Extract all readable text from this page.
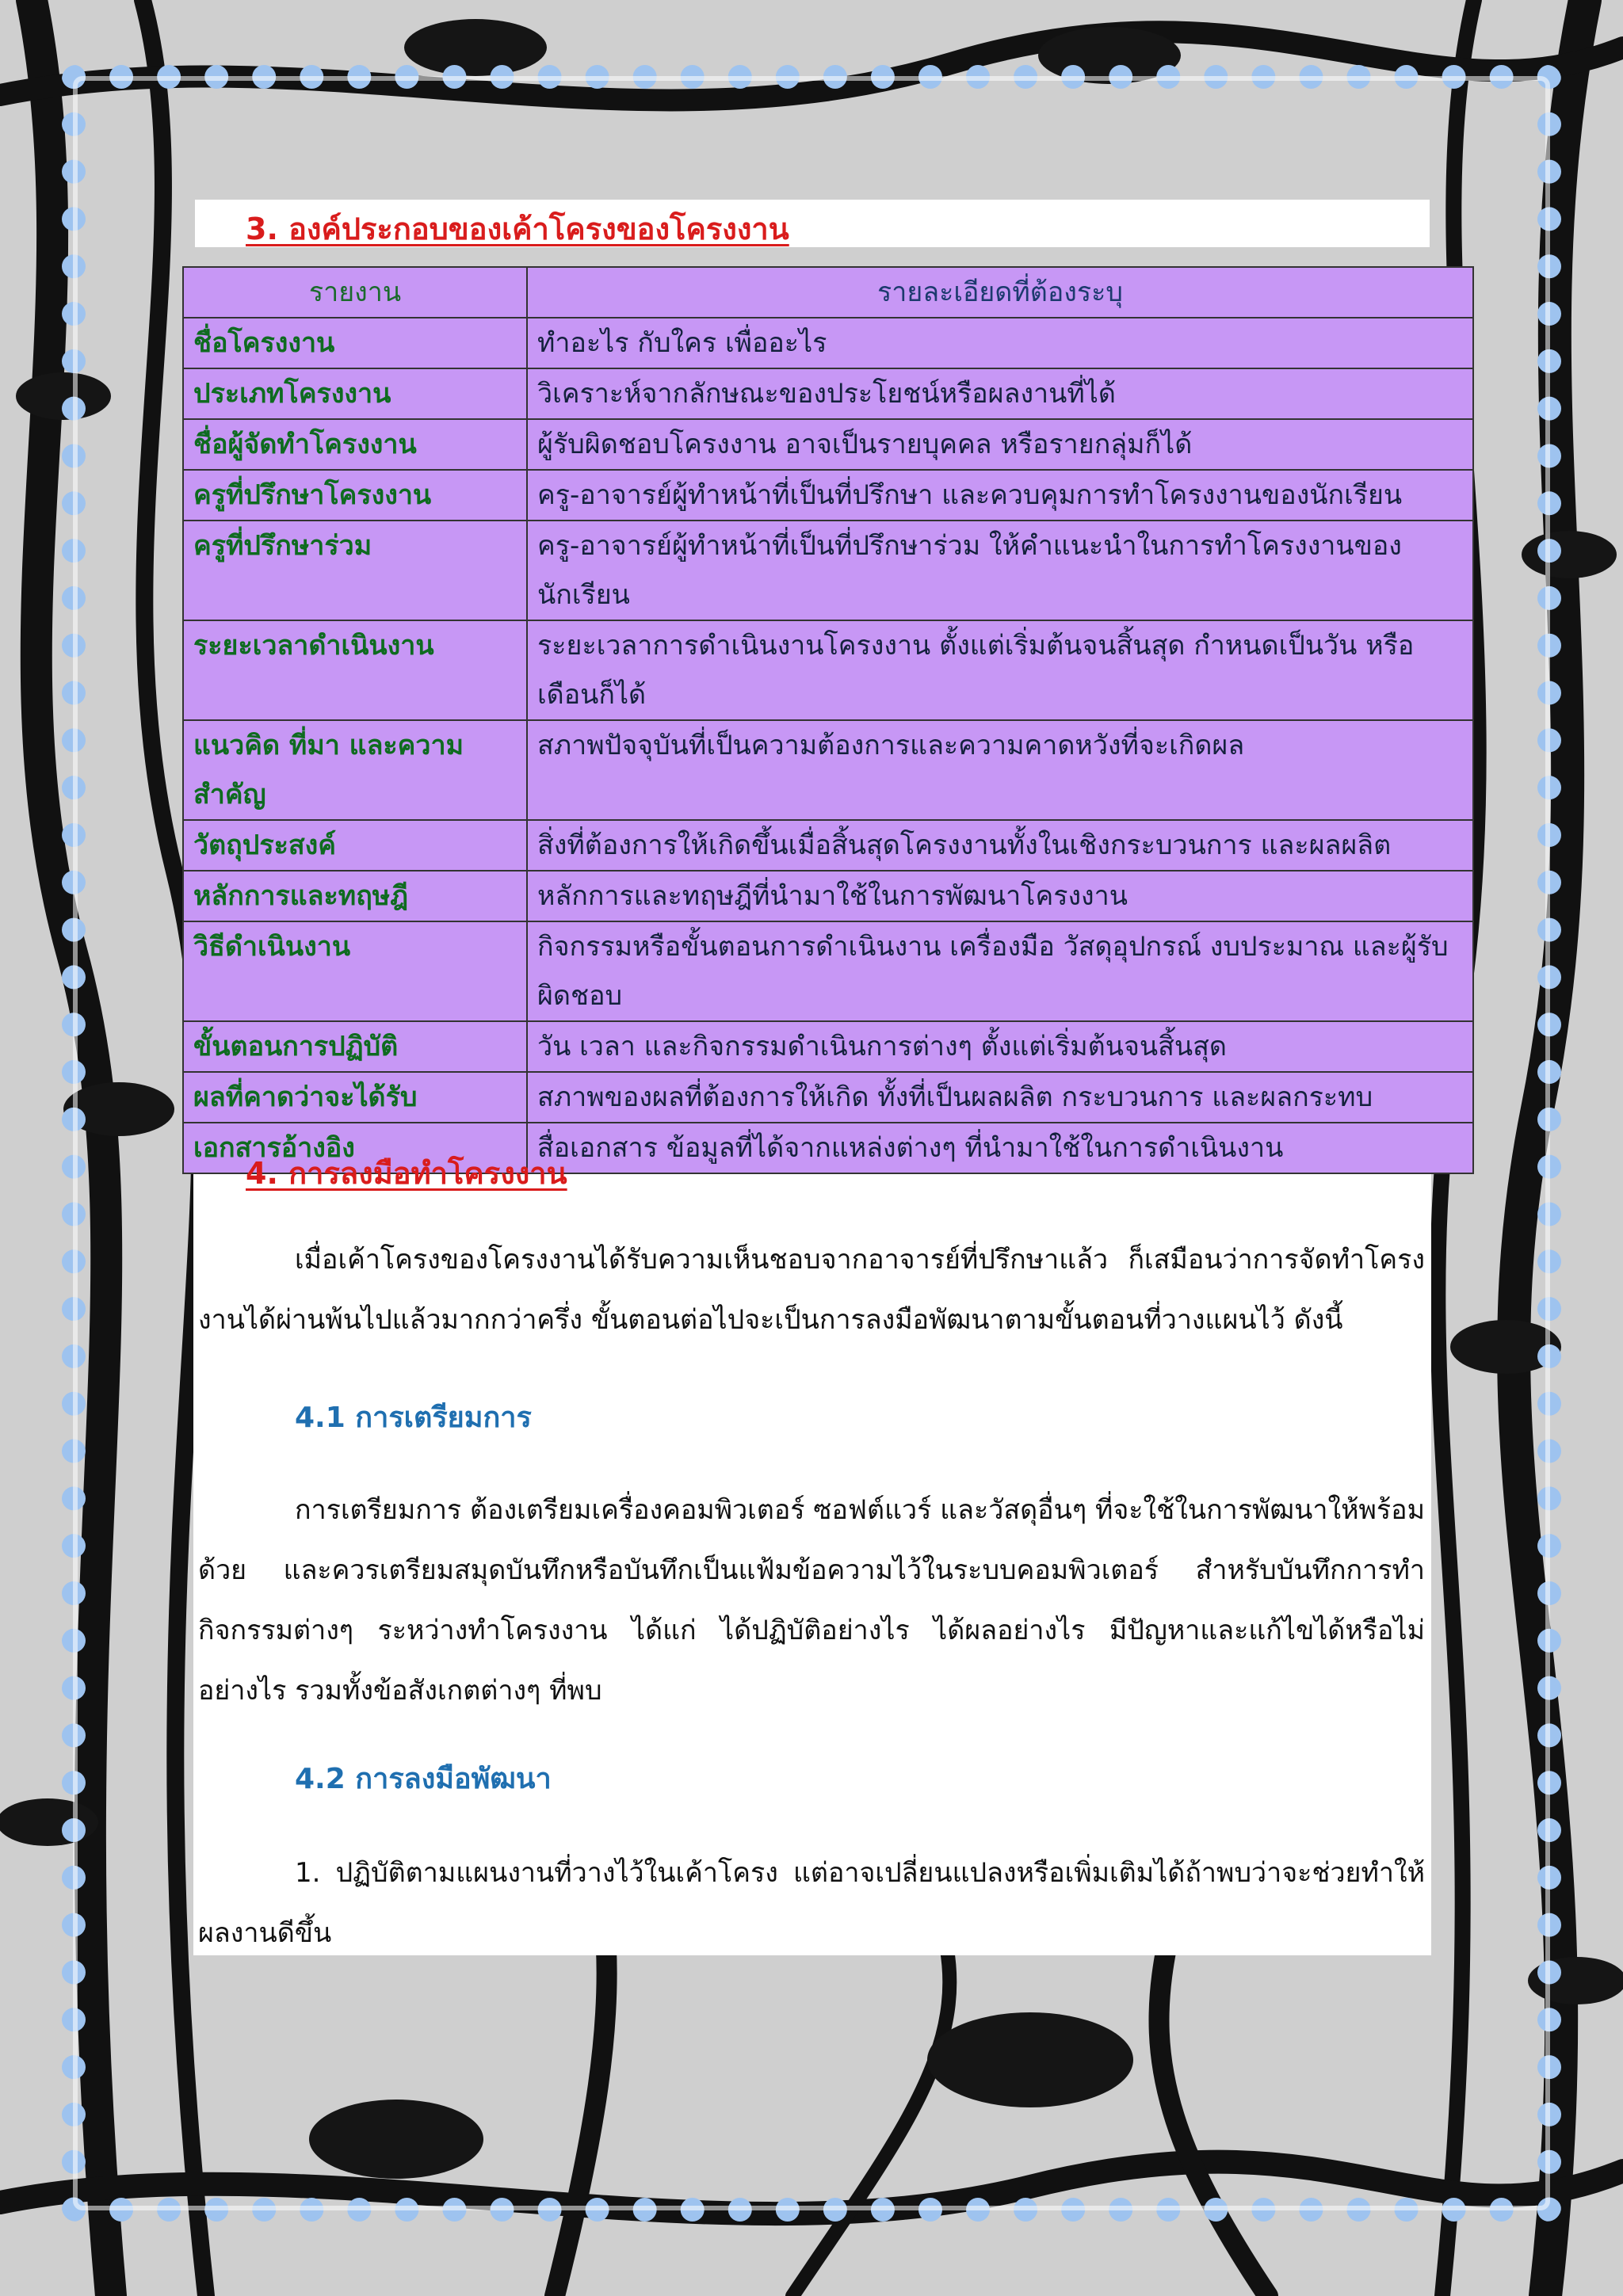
3. องค์ประกอบของเค้าโครงของโครงงาน
รายงาน	รายละเอียดที่ต้องระบุ
ชื่อโครงงาน	ทำอะไร กับใคร เพื่ออะไร
ประเภทโครงงาน	วิเคราะห์จากลักษณะของประโยชน์หรือผลงานที่ได้
ชื่อผู้จัดทำโครงงาน	ผู้รับผิดชอบโครงงาน อาจเป็นรายบุคคล หรือรายกลุ่มก็ได้
ครูที่ปรึกษาโครงงาน	ครู-อาจารย์ผู้ทำหน้าที่เป็นที่ปรึกษา และควบคุมการทำโครงงานของนักเรียน
ครูที่ปรึกษาร่วม	ครู-อาจารย์ผู้ทำหน้าที่เป็นที่ปรึกษาร่วม ให้คำแนะนำในการทำโครงงานของนักเรียน
ระยะเวลาดำเนินงาน	ระยะเวลาการดำเนินงานโครงงาน ตั้งแต่เริ่มต้นจนสิ้นสุด กำหนดเป็นวัน หรือ เดือนก็ได้
แนวคิด ที่มา และความสำคัญ	สภาพปัจจุบันที่เป็นความต้องการและความคาดหวังที่จะเกิดผล
วัตถุประสงค์	สิ่งที่ต้องการให้เกิดขึ้นเมื่อสิ้นสุดโครงงานทั้งในเชิงกระบวนการ และผลผลิต
หลักการและทฤษฎี	หลักการและทฤษฎีที่นำมาใช้ในการพัฒนาโครงงาน
วิธีดำเนินงาน	กิจกรรมหรือขั้นตอนการดำเนินงาน เครื่องมือ วัสดุอุปกรณ์ งบประมาณ และผู้รับผิดชอบ
ขั้นตอนการปฏิบัติ	วัน เวลา และกิจกรรมดำเนินการต่างๆ ตั้งแต่เริ่มต้นจนสิ้นสุด
ผลที่คาดว่าจะได้รับ	สภาพของผลที่ต้องการให้เกิด ทั้งที่เป็นผลผลิต กระบวนการ และผลกระทบ
เอกสารอ้างอิง	สื่อเอกสาร ข้อมูลที่ได้จากแหล่งต่างๆ ที่นำมาใช้ในการดำเนินงาน
4. การลงมือทำโครงงาน
เมื่อเค้าโครงของโครงงานได้รับความเห็นชอบจากอาจารย์ที่ปรึกษาแล้ว ก็เสมือนว่าการจัดทำโครงงานได้ผ่านพ้นไปแล้วมากกว่าครึ่ง ขั้นตอนต่อไปจะเป็นการลงมือพัฒนาตามขั้นตอนที่วางแผนไว้ ดังนี้
4.1 การเตรียมการ
การเตรียมการ ต้องเตรียมเครื่องคอมพิวเตอร์ ซอฟต์แวร์ และวัสดุอื่นๆ ที่จะใช้ในการพัฒนาให้พร้อมด้วย และควรเตรียมสมุดบันทึกหรือบันทึกเป็นแฟ้มข้อความไว้ในระบบคอมพิวเตอร์ สำหรับบันทึกการทำกิจกรรมต่างๆ ระหว่างทำโครงงาน ได้แก่ ได้ปฏิบัติอย่างไร ได้ผลอย่างไร มีปัญหาและแก้ไขได้หรือไม่อย่างไร รวมทั้งข้อสังเกตต่างๆ ที่พบ
4.2 การลงมือพัฒนา
1. ปฏิบัติตามแผนงานที่วางไว้ในเค้าโครง แต่อาจเปลี่ยนแปลงหรือเพิ่มเติมได้ถ้าพบว่าจะช่วยทำให้ผลงานดีขึ้น
